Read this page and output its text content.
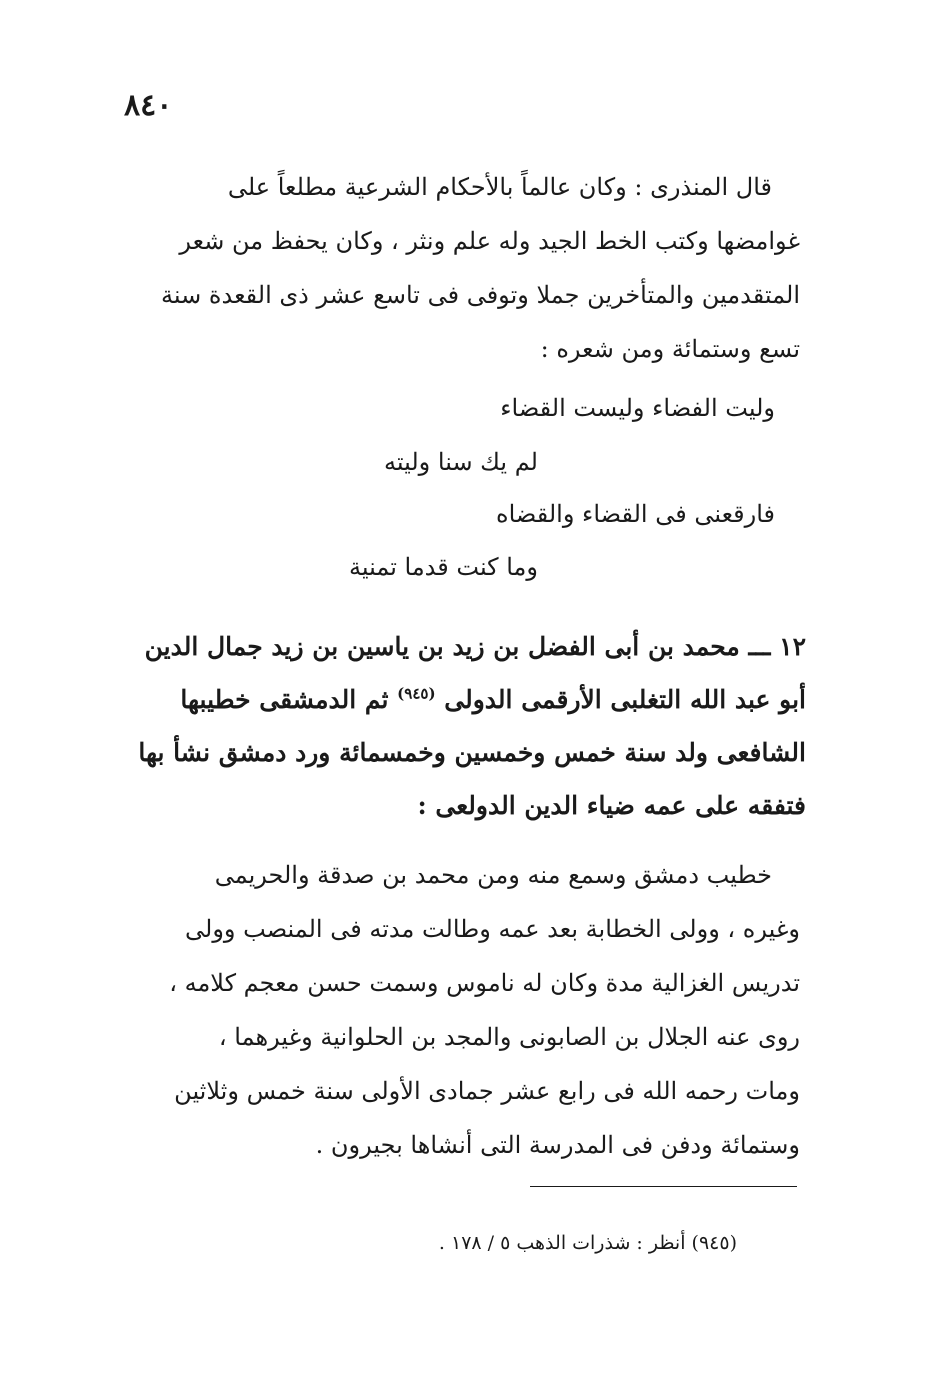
٨٤٠

قال المنذرى : وكان عالماً بالأحكام الشرعية مطلعاً على

غوامضها وكتب الخط الجيد وله علم ونثر ، وكان يحفظ من شعر

المتقدمين والمتأخرين جملا وتوفى فى تاسع عشر ذى القعدة سنة

تسع وستمائة ومن شعره :

وليت الفضاء وليست القضاء
لم يك سنا وليته
فارقعنى فى القضاء والقضاه
وما كنت قدما تمنية
١٢ ـــ محمد بن أبى الفضل بن زيد بن ياسين بن زيد جمال الدين
أبو عبد الله التغلبى الأرقمى الدولى $^{(٩٤٥)}$ ثم الدمشقى خطيبها
الشافعى ولد سنة خمس وخمسين وخمسمائة ورد دمشق نشأ بها
فتفقه على عمه ضياء الدين الدولعى :

خطيب دمشق وسمع منه ومن محمد بن صدقة والحريمى

وغيره ، وولى الخطابة بعد عمه وطالت مدته فى المنصب وولى

تدريس الغزالية مدة وكان له ناموس وسمت حسن معجم كلامه ،

روى عنه الجلال بن الصابونى والمجد بن الحلوانية وغيرهما ،

ومات رحمه الله فى رابع عشر جمادى الأولى سنة خمس وثلاثين

وستمائة ودفن فى المدرسة التى أنشاها بجيرون .

(٩٤٥) أنظر : شذرات الذهب ٥ / ١٧٨ .
